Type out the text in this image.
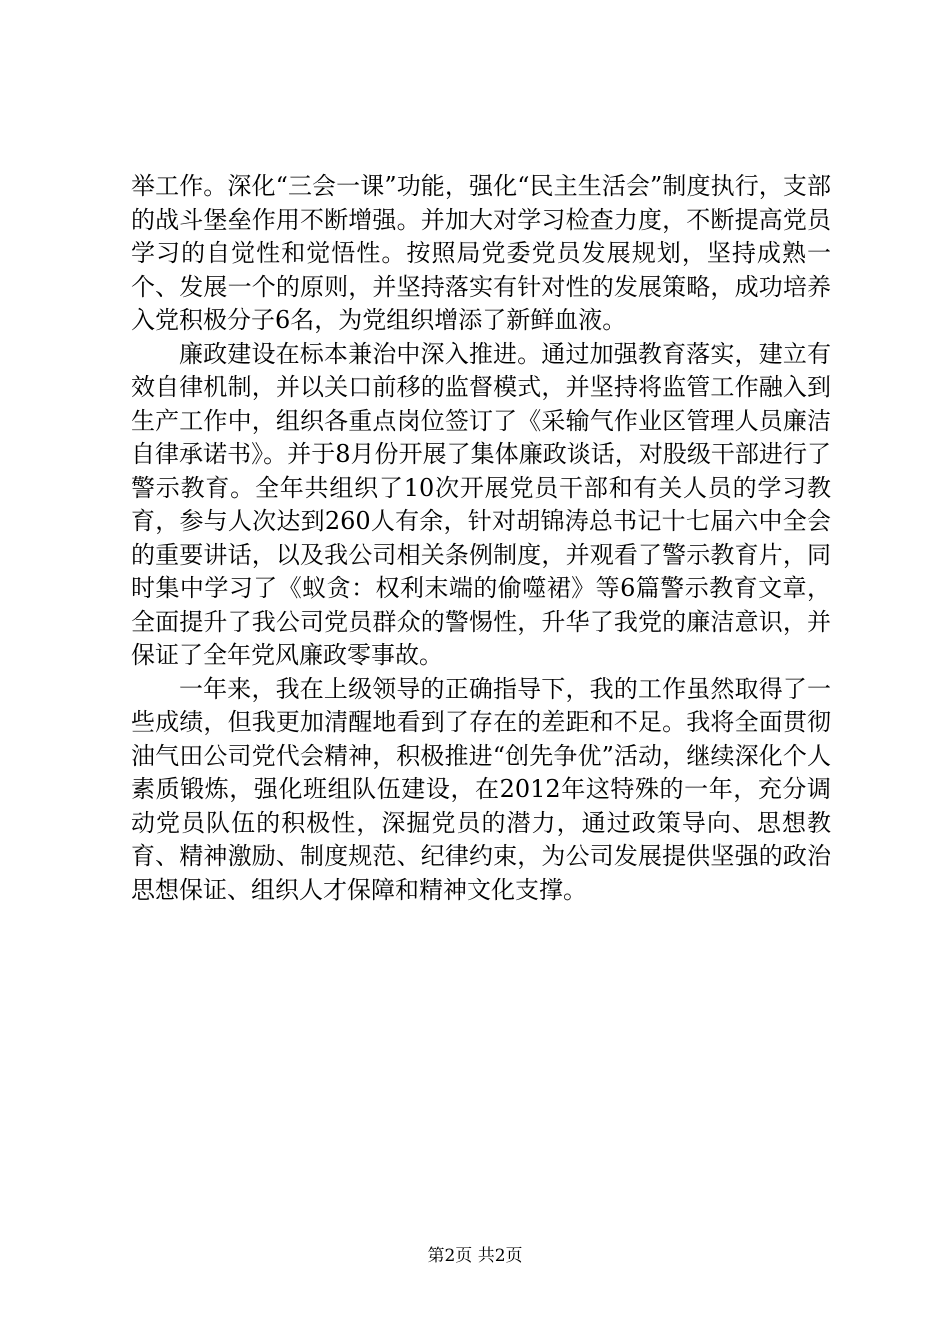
举工作。深化“三会一课”功能，强化“民主生活会”制度执行，支部的战斗堡垒作用不断增强。并加大对学习检查力度，不断提高党员学习的自觉性和觉悟性。按照局党委党员发展规划，坚持成熟一个、发展一个的原则，并坚持落实有针对性的发展策略，成功培养入党积极分子6名，为党组织增添了新鲜血液。

廉政建设在标本兼治中深入推进。通过加强教育落实，建立有效自律机制，并以关口前移的监督模式，并坚持将监管工作融入到生产工作中，组织各重点岗位签订了《采输气作业区管理人员廉洁自律承诺书》。并于8月份开展了集体廉政谈话，对股级干部进行了警示教育。全年共组织了10次开展党员干部和有关人员的学习教育，参与人次达到260人有余，针对胡锦涛总书记十七届六中全会的重要讲话，以及我公司相关条例制度，并观看了警示教育片，同时集中学习了《蚁贪：权利末端的偷噬裙》等6篇警示教育文章，全面提升了我公司党员群众的警惕性，升华了我党的廉洁意识，并保证了全年党风廉政零事故。

一年来，我在上级领导的正确指导下，我的工作虽然取得了一些成绩，但我更加清醒地看到了存在的差距和不足。我将全面贯彻油气田公司党代会精神，积极推进“创先争优”活动，继续深化个人素质锻炼，强化班组队伍建设，在2012年这特殊的一年，充分调动党员队伍的积极性，深掘党员的潜力，通过政策导向、思想教育、精神激励、制度规范、纪律约束，为公司发展提供坚强的政治思想保证、组织人才保障和精神文化支撑。

第2页 共2页
